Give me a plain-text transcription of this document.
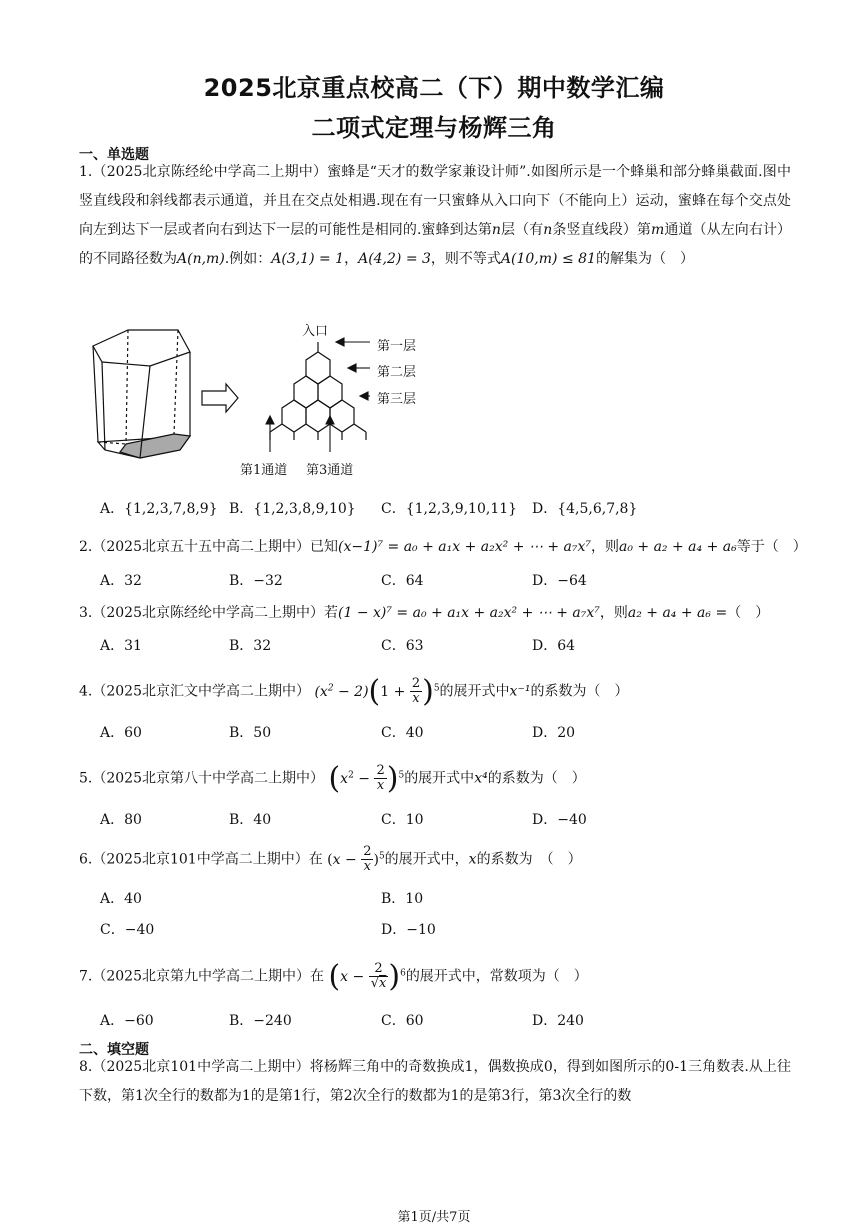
2025北京重点校高二（下）期中数学汇编
二项式定理与杨辉三角
一、单选题
1.（2025北京陈经纶中学高二上期中）蜜蜂是“天才的数学家兼设计师”.如图所示是一个蜂巢和部分蜂巢截面.图中竖直线段和斜线都表示通道，并且在交点处相遇.现在有一只蜜蜂从入口向下（不能向上）运动，蜜蜂在每个交点处向左到达下一层或者向右到达下一层的可能性是相同的.蜜蜂到达第n层（有n条竖直线段）第m通道（从左向右计）的不同路径数为A(n,m).例如：A(3,1) = 1，A(4,2) = 3，则不等式A(10,m) ≤ 81的解集为（　）
入口
第一层
第二层
第三层
第1通道 第3通道
A．{1,2,3,7,8,9} B．{1,2,3,8,9,10} C．{1,2,3,9,10,11} D．{4,5,6,7,8}
2.（2025北京五十五中高二上期中）已知(x−1)⁷ = a₀ + a₁x + a₂x² + ⋯ + a₇x⁷，则a₀ + a₂ + a₄ + a₆等于（　）
A．32	B．−32	C．64	D．−64
3.（2025北京陈经纶中学高二上期中）若(1 − x)⁷ = a₀ + a₁x + a₂x² + ⋯ + a₇x⁷，则a₂ + a₄ + a₆ =（　）
A．31	B．32	C．63	D．64
4.（2025北京汇文中学高二上期中） $(x^2 - 2)(1 + \frac{2}{x} )^5$的展开式中x⁻¹的系数为（　）
A．60	B．50	C．40	D．20
5.（2025北京第八十中学高二上期中） $(x^2 - \frac{2}{x} )^5$的展开式中x⁴的系数为（　）
A．80	B．40	C．10	D．−40
6.（2025北京101中学高二上期中）在 $(x - \frac{2}{x} )^5$的展开式中，x的系数为　（　）
A．40	B．10
C．−40	D．−10
7.（2025北京第九中学高二上期中）在 $(x - \frac{2}{√x} )^6$的展开式中，常数项为（　）
A．−60	B．−240	C．60	D．240
二、填空题
8.（2025北京101中学高二上期中）将杨辉三角中的奇数换成1，偶数换成0，得到如图所示的0-1三角数表.从上往下数，第1次全行的数都为1的是第1行，第2次全行的数都为1的是第3行，第3次全行的数
第1页/共7页
